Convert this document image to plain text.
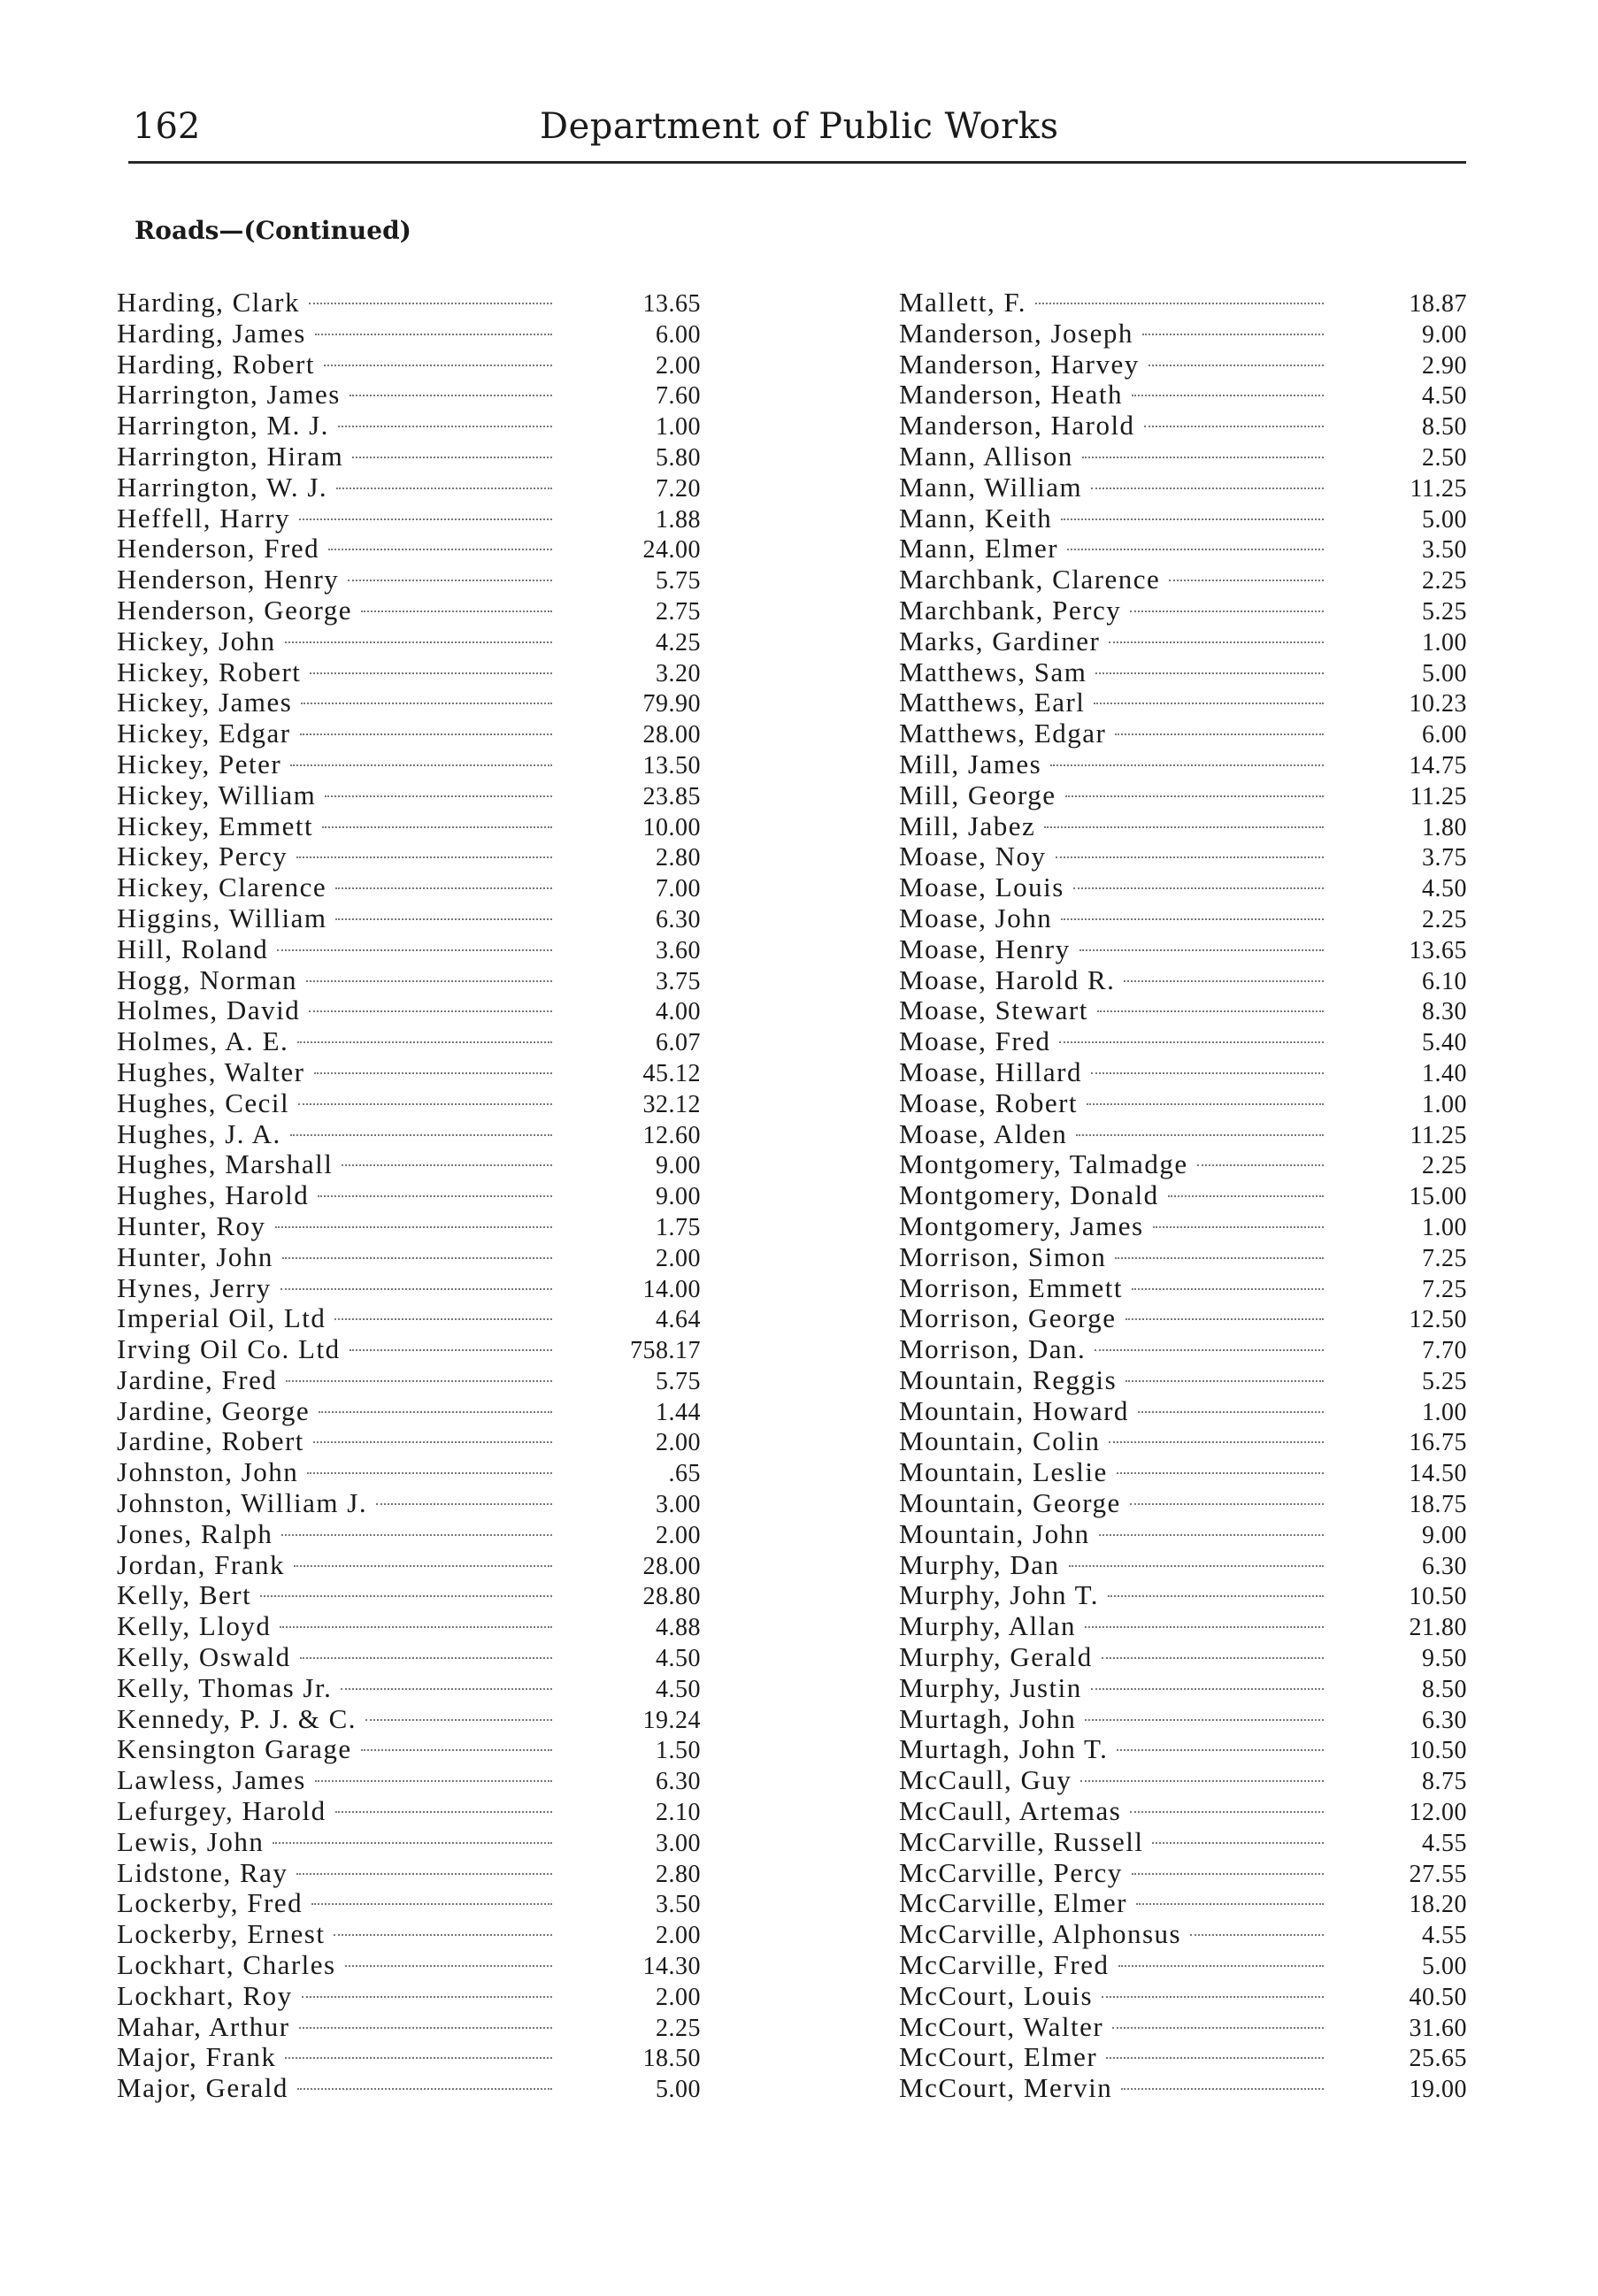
162	Department of Public Works
Roads—(Continued)
Harding, Clark	13.65
Harding, James	6.00
Harding, Robert	2.00
Harrington, James	7.60
Harrington, M. J.	1.00
Harrington, Hiram	5.80
Harrington, W. J.	7.20
Heffell, Harry	1.88
Henderson, Fred	24.00
Henderson, Henry	5.75
Henderson, George	2.75
Hickey, John	4.25
Hickey, Robert	3.20
Hickey, James	79.90
Hickey, Edgar	28.00
Hickey, Peter	13.50
Hickey, William	23.85
Hickey, Emmett	10.00
Hickey, Percy	2.80
Hickey, Clarence	7.00
Higgins, William	6.30
Hill, Roland	3.60
Hogg, Norman	3.75
Holmes, David	4.00
Holmes, A. E.	6.07
Hughes, Walter	45.12
Hughes, Cecil	32.12
Hughes, J. A.	12.60
Hughes, Marshall	9.00
Hughes, Harold	9.00
Hunter, Roy	1.75
Hunter, John	2.00
Hynes, Jerry	14.00
Imperial Oil, Ltd	4.64
Irving Oil Co. Ltd	758.17
Jardine, Fred	5.75
Jardine, George	1.44
Jardine, Robert	2.00
Johnston, John	.65
Johnston, William J.	3.00
Jones, Ralph	2.00
Jordan, Frank	28.00
Kelly, Bert	28.80
Kelly, Lloyd	4.88
Kelly, Oswald	4.50
Kelly, Thomas Jr.	4.50
Kennedy, P. J. & C.	19.24
Kensington Garage	1.50
Lawless, James	6.30
Lefurgey, Harold	2.10
Lewis, John	3.00
Lidstone, Ray	2.80
Lockerby, Fred	3.50
Lockerby, Ernest	2.00
Lockhart, Charles	14.30
Lockhart, Roy	2.00
Mahar, Arthur	2.25
Major, Frank	18.50
Major, Gerald	5.00
Mallett, F.	18.87
Manderson, Joseph	9.00
Manderson, Harvey	2.90
Manderson, Heath	4.50
Manderson, Harold	8.50
Mann, Allison	2.50
Mann, William	11.25
Mann, Keith	5.00
Mann, Elmer	3.50
Marchbank, Clarence	2.25
Marchbank, Percy	5.25
Marks, Gardiner	1.00
Matthews, Sam	5.00
Matthews, Earl	10.23
Matthews, Edgar	6.00
Mill, James	14.75
Mill, George	11.25
Mill, Jabez	1.80
Moase, Noy	3.75
Moase, Louis	4.50
Moase, John	2.25
Moase, Henry	13.65
Moase, Harold R.	6.10
Moase, Stewart	8.30
Moase, Fred	5.40
Moase, Hillard	1.40
Moase, Robert	1.00
Moase, Alden	11.25
Montgomery, Talmadge	2.25
Montgomery, Donald	15.00
Montgomery, James	1.00
Morrison, Simon	7.25
Morrison, Emmett	7.25
Morrison, George	12.50
Morrison, Dan.	7.70
Mountain, Reggis	5.25
Mountain, Howard	1.00
Mountain, Colin	16.75
Mountain, Leslie	14.50
Mountain, George	18.75
Mountain, John	9.00
Murphy, Dan	6.30
Murphy, John T.	10.50
Murphy, Allan	21.80
Murphy, Gerald	9.50
Murphy, Justin	8.50
Murtagh, John	6.30
Murtagh, John T.	10.50
McCaull, Guy	8.75
McCaull, Artemas	12.00
McCarville, Russell	4.55
McCarville, Percy	27.55
McCarville, Elmer	18.20
McCarville, Alphonsus	4.55
McCarville, Fred	5.00
McCourt, Louis	40.50
McCourt, Walter	31.60
McCourt, Elmer	25.65
McCourt, Mervin	19.00
